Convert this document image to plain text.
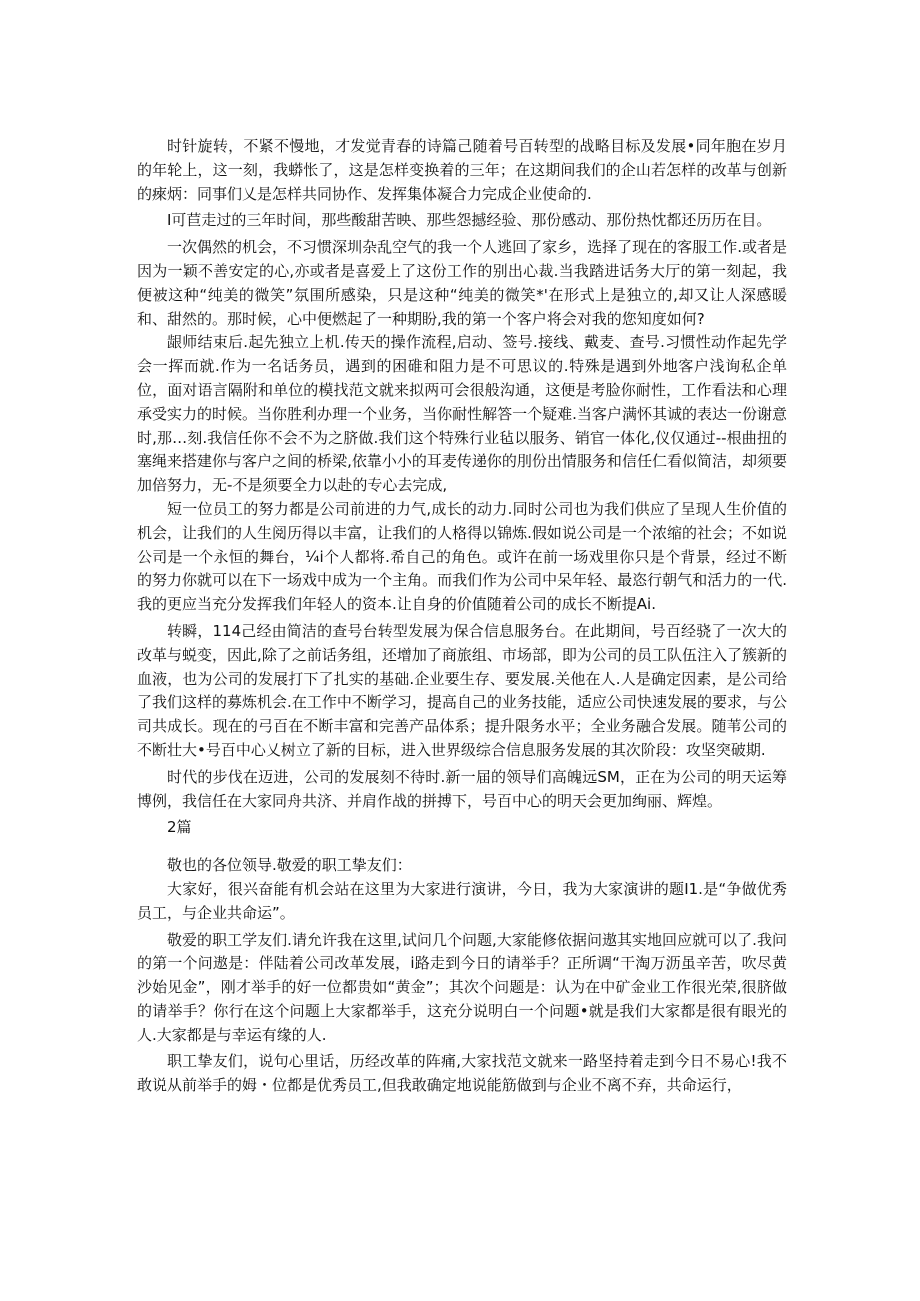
时针旋转，不紧不慢地，才发觉青春的诗篇己随着号百转型的战略目标及发展•同年胞在岁月的年轮上，这一刻，我蟒怅了，这是怎样变换着的三年；在这期间我们的企山若怎样的改革与创新的㾢炳：同事们乂是怎样共同协作、发挥集体凝合力完成企业使命的.

I可苣走过的三年时间，那些酸甜苦映、那些怨撼经验、那份感动、那份热忱都还历历在目。

一次偶然的机会，不习惯深圳杂乱空气的我一个人逃回了家乡，选择了现在的客服工作.或者是因为一颖不善安定的心,亦或者是喜爱上了这份工作的别出心裁.当我踏进话务大厅的第一刻起，我便被这种“纯美的微笑”氛围所感染，只是这种“纯美的微笑*'在形式上是独立的,却又让人深感暖和、甜然的。那时候，心中便燃起了一种期盼,我的第一个客户将会对我的您知度如何?

龈师结束后.起先独立上机.传天的操作流程,启动、签号.接线、戴麦、查号.习惯性动作起先学会一挥而就.作为一名话务员，遇到的困碓和阻力是不可思议的.特殊是遇到外地客户浅询私企单位，面对语言隔附和单位的模找范文就来拟两可会很般沟通，这便是考脸你耐性，工作看法和心理承受实力的时候。当你胜利办理一个业务，当你耐性解答一个疑难.当客户满怀其诚的表达一份谢意时,那…刻.我信任你不会不为之脐做.我们这个特殊行业毡以服务、销官一体化,仪仅通过--根曲扭的塞绳来搭建你与客户之间的桥梁,依靠小小的耳麦传递你的刖份出情服务和信任仁看似简洁，却须要加倍努力，无-不是须要全力以赴的专心去完成,

短一位员工的努力都是公司前进的力气,成长的动力.同时公司也为我们供应了呈现人生价值的机会，让我们的人生阅历得以丰富，让我们的人格得以锦炼.假如说公司是一个浓缩的社会；不如说公司是一个永恒的舞台，¼i个人都将.希自己的角色。或许在前一场戏里你只是个背景，经过不断的努力你就可以在下一场戏中成为一个主角。而我们作为公司中呆年轻、最恣行朝气和活力的一代.我的更应当充分发挥我们年轻人的资本.让自身的价值随着公司的成长不断提Ai.

转瞬，114己经由简洁的查号台转型发展为保合信息服务台。在此期间，号百经骁了一次大的改革与蜕变，因此,除了之前话务组，还增加了商旅组、市场部，即为公司的员工队伍注入了簇新的血液，也为公司的发展打下了扎实的基础.企业要生存、要发展.关他在人.人是确定因素，是公司给了我们这样的募炼机会.在工作中不断学习，提高自己的业务技能，适应公司快速发展的要求，与公司共成长。现在的弓百在不断丰富和完善产品体系；提升限务水平；全业务融合发展。随苇公司的不断壮大•号百中心乂树立了新的目标，进入世界级综合信息服务发展的其次阶段：攻坚突破期.

时代的步伐在迈进，公司的发展刻不待时.新一届的领导们高魄远SM，正在为公司的明天运筹博例，我信任在大家同舟共济、并肩作战的拼搏下，号百中心的明天会更加绚丽、辉煌。

2篇

敬也的各位领导.敬爱的职工挚友们：

大家好，很兴奋能有机会站在这里为大家进行演讲，今日，我为大家演讲的题I1.是“争做优秀员工，与企业共命运”。

敬爱的职工学友们.请允许我在这里,试问几个问题,大家能修依据问遨其实地回应就可以了.我问的第一个问遨是：伴陆着公司改革发展，i路走到今日的请举手？正所调“干淘万沥虽辛苦，吹尽黄沙始见金”，刚才举手的好一位都贵如“黄金”；其次个问题是：认为在中矿金业工作很光荣,很脐做的请举手？你行在这个问题上大家都举手，这充分说明白一个问题•就是我们大家都是很有眼光的人.大家都是与幸运有缘的人.

职工挚友们，说句心里话，历经改革的阵痛,大家找范文就来一路坚持着走到今日不易心!我不敢说从前举手的姆・位都是优秀员工,但我敢确定地说能筋做到与企业不离不弃，共命运行，
